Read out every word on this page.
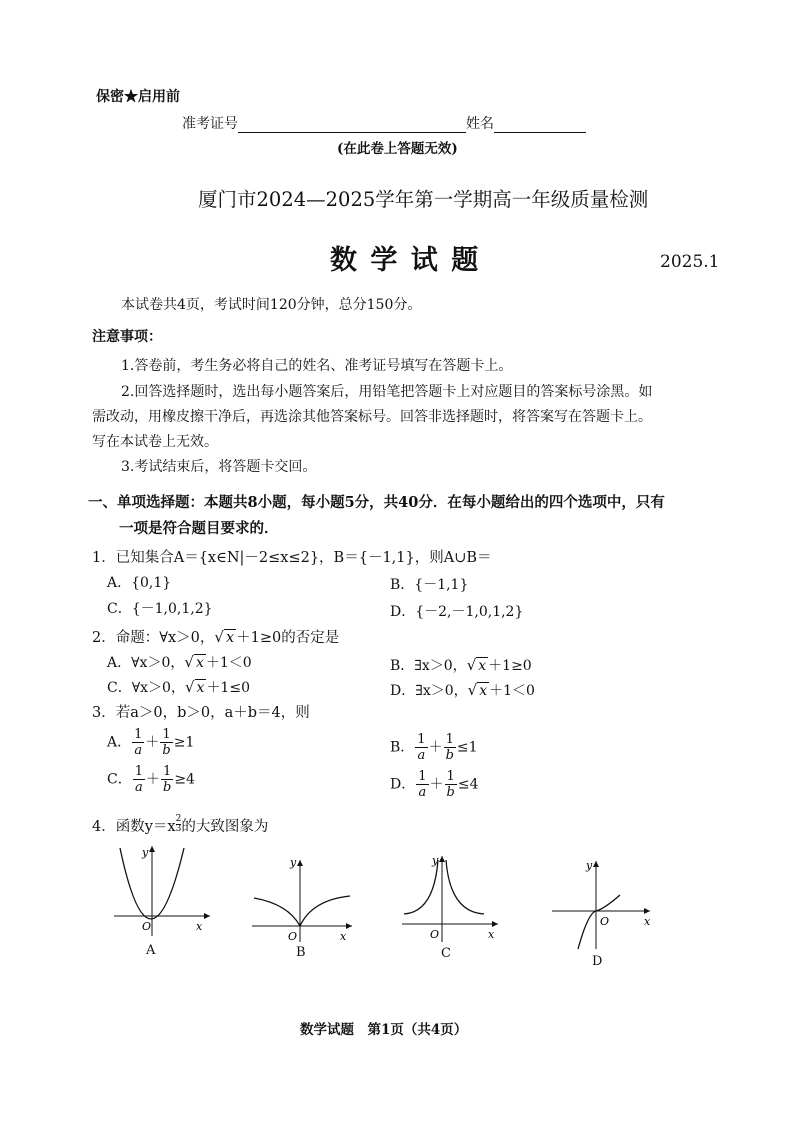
保密★启用前
准考证号	姓名
(在此卷上答题无效)
厦门市2024—2025学年第一学期高一年级质量检测
数 学 试 题	2025.1
本试卷共4页，考试时间120分钟，总分150分。
注意事项：
1.答卷前，考生务必将自己的姓名、准考证号填写在答题卡上。
2.回答选择题时，选出每小题答案后，用铅笔把答题卡上对应题目的答案标号涂黑。如
需改动，用橡皮擦干净后，再选涂其他答案标号。回答非选择题时，将答案写在答题卡上。
写在本试卷上无效。
3.考试结束后，将答题卡交回。
一、单项选择题：本题共8小题，每小题5分，共40分．在每小题给出的四个选项中，只有
一项是符合题目要求的．
1．已知集合A＝{x∈N|－2≤x≤2}，B＝{－1,1}，则A∪B＝
A．{0,1}	B．{－1,1}
C．{－1,0,1,2}	D．{－2,－1,0,1,2}
2．命题：∀x＞0，√ x ＋1≥0的否定是
A．∀x＞0，√ x ＋1＜0	B．∃x＞0，√ x ＋1≥0
C．∀x＞0，√ x ＋1≤0	D．∃x＞0，√ x ＋1＜0
3．若a＞0，b＞0，a＋b＝4，则
A． $\frac{1}{a} + \frac{1}{b} \ge 1$	B． $\frac{1}{a} + \frac{1}{b} \le 1$
C． $\frac{1}{a} + \frac{1}{b} \ge 4$	D． $\frac{1}{a} + \frac{1}{b} \le 4$
4．函数$y=x \frac{2}{3}$ 的大致图象为
y
O	x
A
y
O	x
B
y
O	x
C
y
O	x
D
数学试题　第1页（共4页）
